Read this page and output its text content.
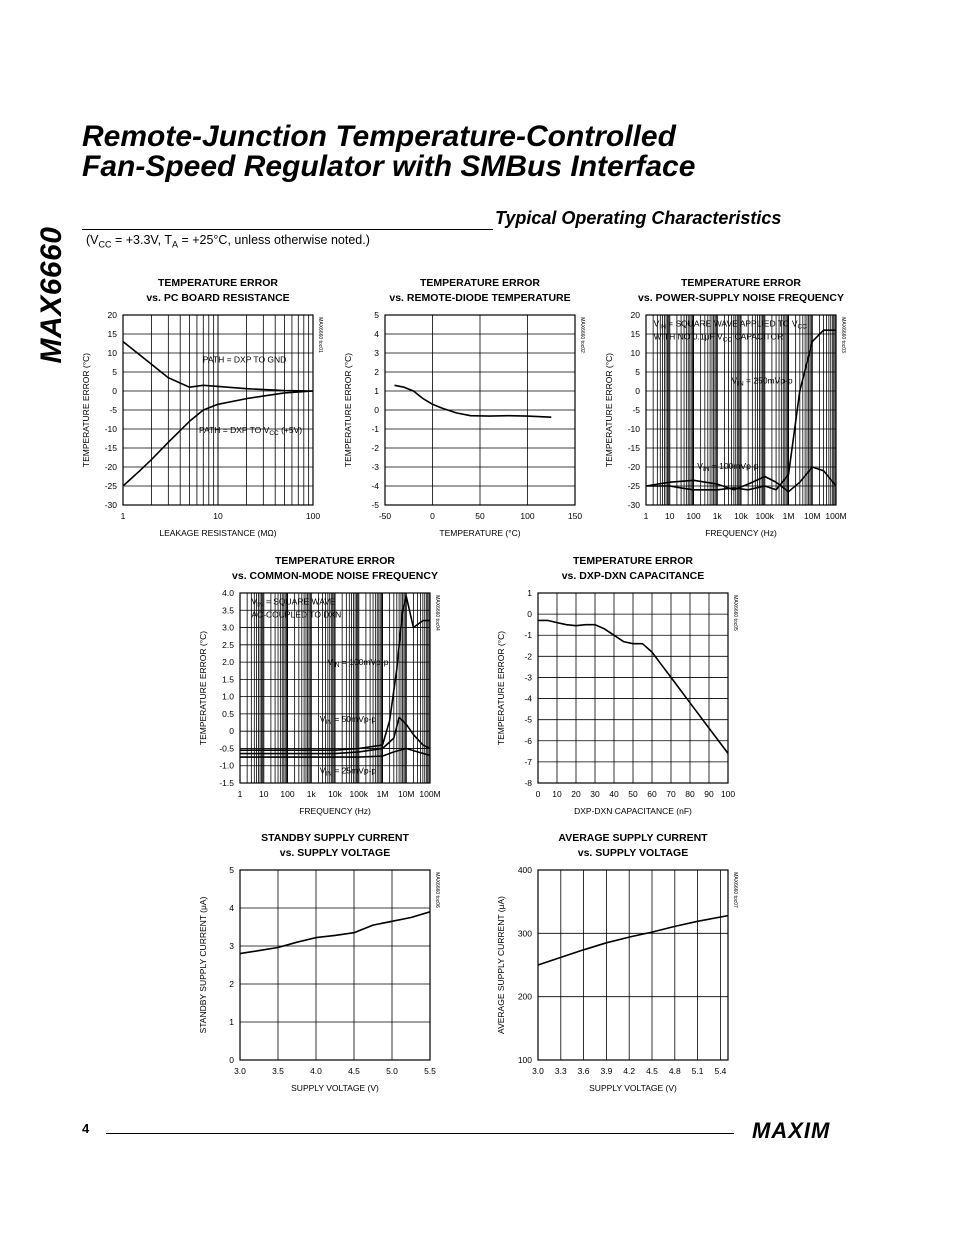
MAX6660
Remote-Junction Temperature-Controlled
Fan-Speed Regulator with SMBus Interface
Typical Operating Characteristics
($V_{CC} = +3.3V$, $T_A = +25^\circ C$, unless otherwise noted.)
TEMPERATURE ERROR
vs. PC BOARD RESISTANCE
1	10	100
20
15
10
5
0
-5
-10
-15
-20
-25
-30
LEAKAGE RESISTANCE (MΩ)
TEMPERATURE ERROR (°C)
MAX6660 toc01
PATH = DXP TO GND
PATH = DXP TO $V_{CC}$ (+5V)
TEMPERATURE ERROR
vs. REMOTE-DIODE TEMPERATURE
-50	0	50	100	150
5
4
3
2
1
0
-1
-2
-3
-4
-5
TEMPERATURE (°C)
TEMPERATURE ERROR (°C)
MAX6660 toc02
TEMPERATURE ERROR
vs. POWER-SUPPLY NOISE FREQUENCY
1 10 100 1k 10k 100k 1M 10M 100M
20
15
10
5
0
-5
-10
-15
-20
-25
-30
FREQUENCY (Hz)
TEMPERATURE ERROR (°C)
MAX6660 toc03
$V_{IN}$ = SQUARE WAVE APPLIED TO $V_{CC}$
WITH NO 0.1μF $V_{CC}$ CAPACITOR
$V_{IN} = 250mVp-p$
$V_{IN} = 100mVp-p$
TEMPERATURE ERROR
vs. COMMON-MODE NOISE FREQUENCY
1 10 100 1k 10k 100k 1M 10M 100M
4.0
3.5
3.0
2.5
2.0
1.5
1.0
0.5
0
-0.5
-1.0
-1.5
FREQUENCY (Hz)
TEMPERATURE ERROR (°C)
MAX6660 toc04
$V_{IN}$ = SQUARE WAVE
AC-COUPLED TO DXN
$V_{IN} = 100mVp-p$
$V_{IN} = 50mVp-p$
$V_{IN} = 25mVp-p$
TEMPERATURE ERROR
vs. DXP-DXN CAPACITANCE
0 10 20 30 40 50 60 70 80 90 100
1
0
-1
-2
-3
-4
-5
-6
-7
-8
DXP-DXN CAPACITANCE (nF)
TEMPERATURE ERROR (°C)
MAX6660 toc05
STANDBY SUPPLY CURRENT
vs. SUPPLY VOLTAGE
3.0	3.5	4.0	4.5	5.0	5.5
5
4
3
2
1
0
SUPPLY VOLTAGE (V)
STANDBY SUPPLY CURRENT (μA)
MAX6660 toc06
AVERAGE SUPPLY CURRENT
vs. SUPPLY VOLTAGE
3.0 3.3 3.6 3.9 4.2 4.5 4.8 5.1 5.4
400
300
200
100
SUPPLY VOLTAGE (V)
AVERAGE SUPPLY CURRENT (μA)
MAX6660 toc07
4	MAXIM
